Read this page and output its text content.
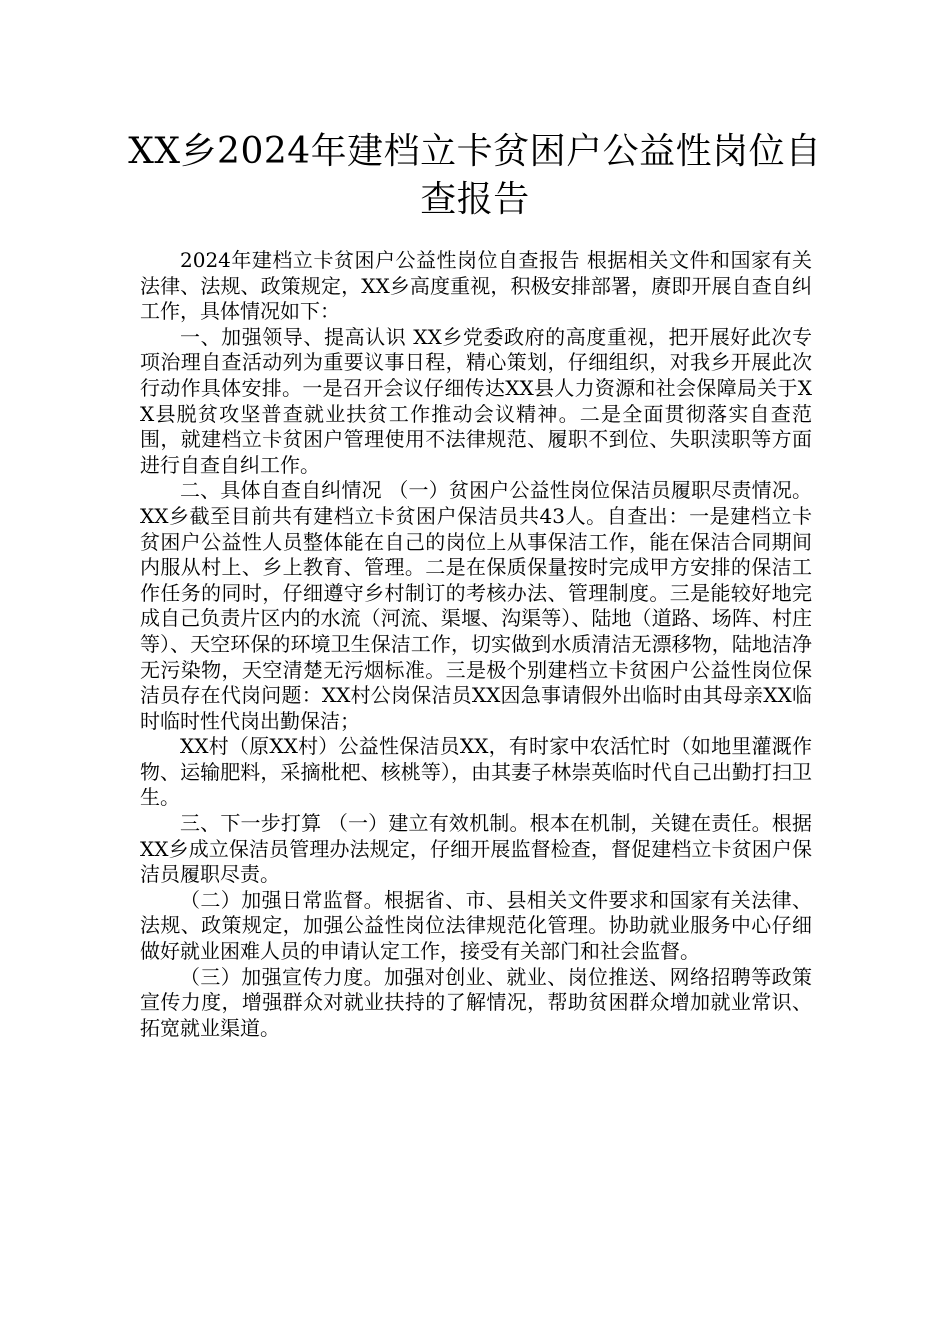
XX乡2024年建档立卡贫困户公益性岗位自
查报告

2024年建档立卡贫困户公益性岗位自查报告 根据相关文件和国家有关法律、法规、政策规定，XX乡高度重视，积极安排部署，赓即开展自查自纠工作，具体情况如下：

一、加强领导、提高认识 XX乡党委政府的高度重视，把开展好此次专项治理自查活动列为重要议事日程，精心策划，仔细组织，对我乡开展此次行动作具体安排。一是召开会议仔细传达XX县人力资源和社会保障局关于XX县脱贫攻坚普查就业扶贫工作推动会议精神。二是全面贯彻落实自查范围，就建档立卡贫困户管理使用不法律规范、履职不到位、失职渎职等方面进行自查自纠工作。

二、具体自查自纠情况 （一）贫困户公益性岗位保洁员履职尽责情况。XX乡截至目前共有建档立卡贫困户保洁员共43人。自查出：一是建档立卡贫困户公益性人员整体能在自己的岗位上从事保洁工作，能在保洁合同期间内服从村上、乡上教育、管理。二是在保质保量按时完成甲方安排的保洁工作任务的同时，仔细遵守乡村制订的考核办法、管理制度。三是能较好地完成自己负责片区内的水流（河流、渠堰、沟渠等）、陆地（道路、场阵、村庄等）、天空环保的环境卫生保洁工作，切实做到水质清洁无漂移物，陆地洁净无污染物，天空清楚无污烟标准。三是极个别建档立卡贫困户公益性岗位保洁员存在代岗问题：XX村公岗保洁员XX因急事请假外出临时由其母亲XX临时临时性代岗出勤保洁；

XX村（原XX村）公益性保洁员XX，有时家中农活忙时（如地里灌溉作物、运输肥料，采摘枇杷、核桃等），由其妻子林崇英临时代自己出勤打扫卫生。

三、下一步打算 （一）建立有效机制。根本在机制，关键在责任。根据XX乡成立保洁员管理办法规定，仔细开展监督检查，督促建档立卡贫困户保洁员履职尽责。

（二）加强日常监督。根据省、市、县相关文件要求和国家有关法律、法规、政策规定，加强公益性岗位法律规范化管理。协助就业服务中心仔细做好就业困难人员的申请认定工作，接受有关部门和社会监督。

（三）加强宣传力度。加强对创业、就业、岗位推送、网络招聘等政策宣传力度，增强群众对就业扶持的了解情况，帮助贫困群众增加就业常识、拓宽就业渠道。
